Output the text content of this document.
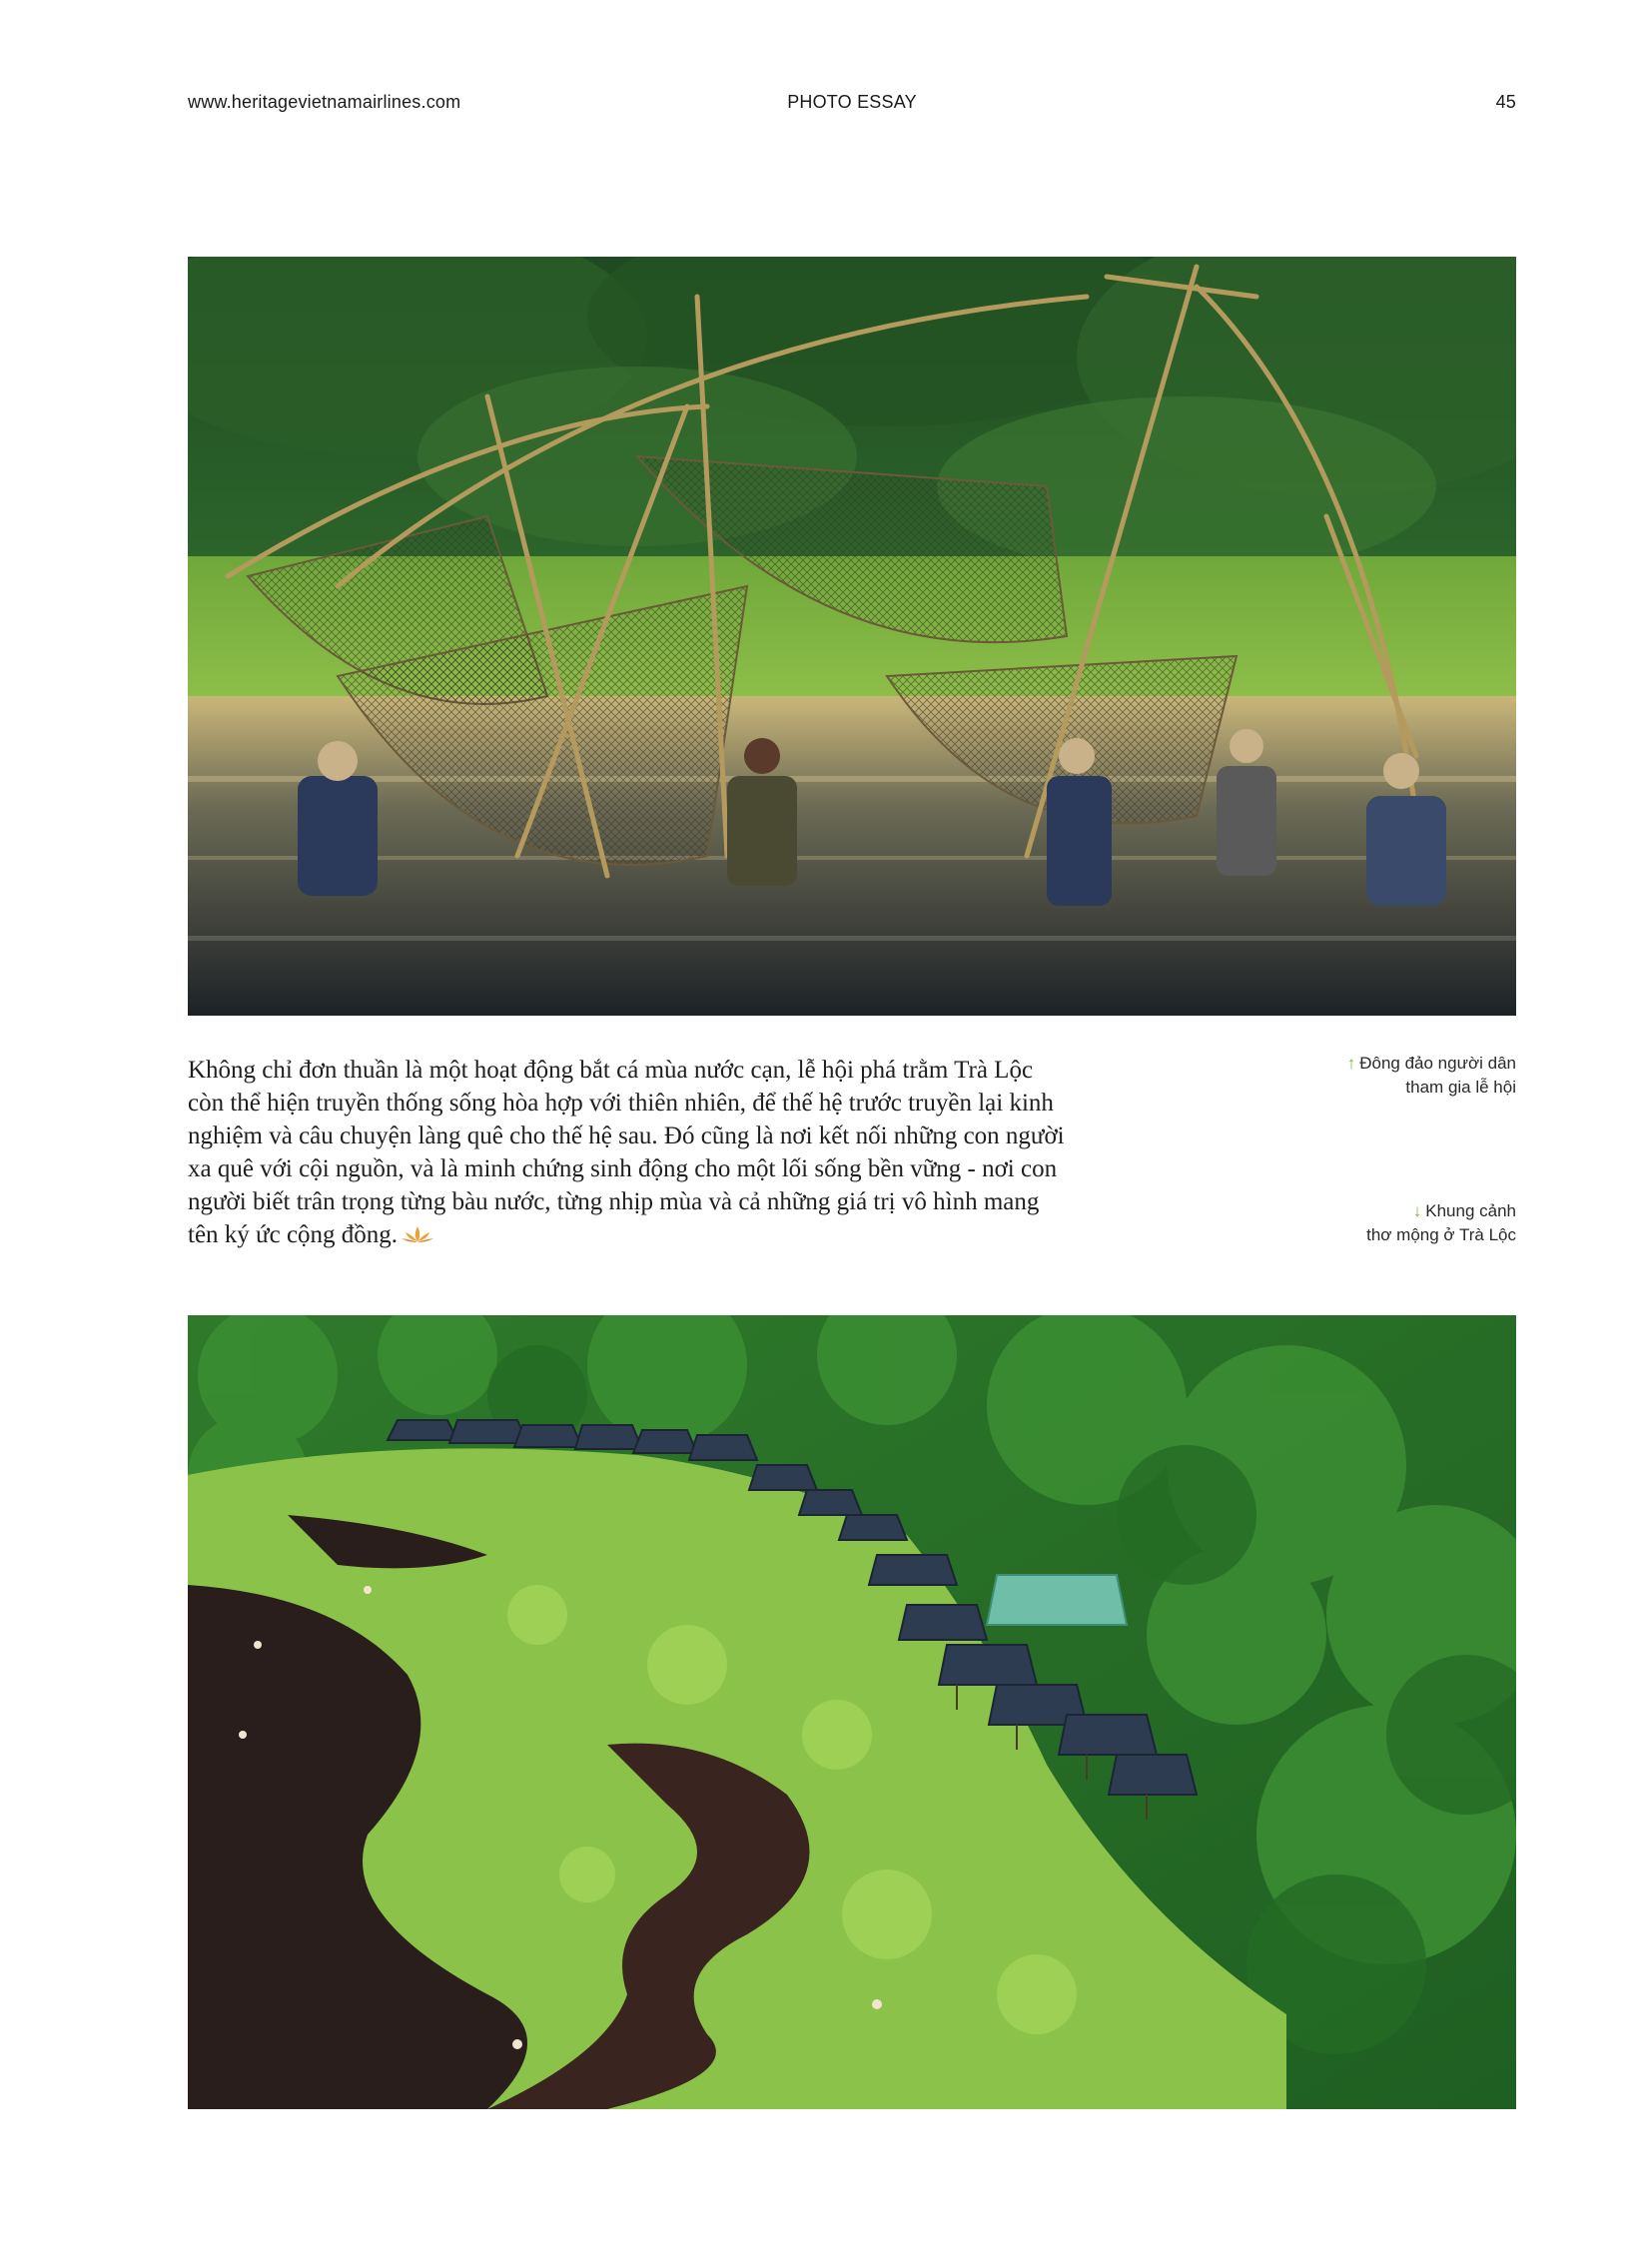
www.heritagevietnamairlines.com	PHOTO ESSAY	45
Không chỉ đơn thuần là một hoạt động bắt cá mùa nước cạn, lễ hội phá trằm Trà Lộc còn thể hiện truyền thống sống hòa hợp với thiên nhiên, để thế hệ trước truyền lại kinh nghiệm và câu chuyện làng quê cho thế hệ sau. Đó cũng là nơi kết nối những con người xa quê với cội nguồn, và là minh chứng sinh động cho một lối sống bền vững - nơi con người biết trân trọng từng bàu nước, từng nhịp mùa và cả những giá trị vô hình mang tên ký ức cộng đồng.
↑ Đông đảo người dân
tham gia lễ hội
↓ Khung cảnh
thơ mộng ở Trà Lộc
